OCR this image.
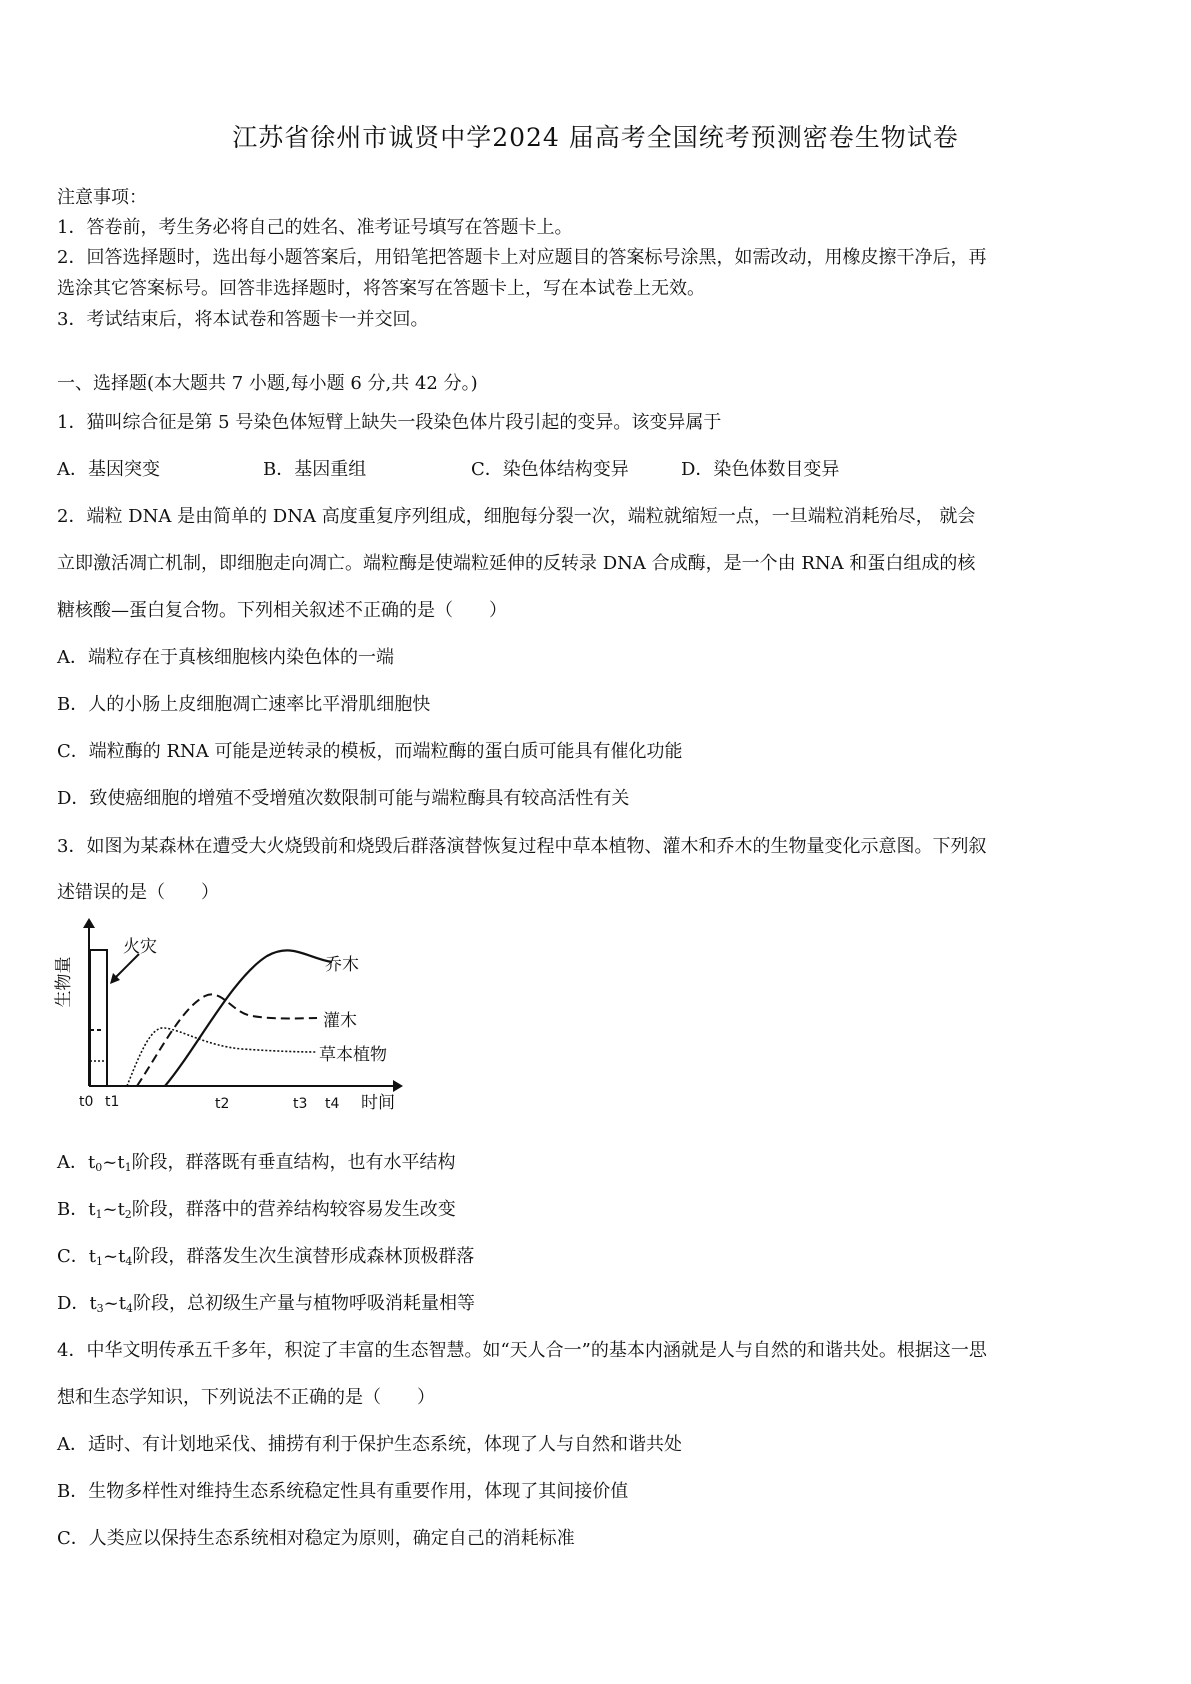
江苏省徐州市诚贤中学2024 届高考全国统考预测密卷生物试卷
注意事项：
1．答卷前，考生务必将自己的姓名、准考证号填写在答题卡上。
2．回答选择题时，选出每小题答案后，用铅笔把答题卡上对应题目的答案标号涂黑，如需改动，用橡皮擦干净后，再
选涂其它答案标号。回答非选择题时，将答案写在答题卡上，写在本试卷上无效。
3．考试结束后，将本试卷和答题卡一并交回。
一、选择题(本大题共 7 小题,每小题 6 分,共 42 分。)
1．猫叫综合征是第 5 号染色体短臂上缺失一段染色体片段引起的变异。该变异属于
A．基因突变	B．基因重组	C．染色体结构变异	D．染色体数目变异
2．端粒 DNA 是由简单的 DNA 高度重复序列组成，细胞每分裂一次，端粒就缩短一点，一旦端粒消耗殆尽， 就会
立即激活凋亡机制，即细胞走向凋亡。端粒酶是使端粒延伸的反转录 DNA 合成酶，是一个由 RNA 和蛋白组成的核
糖核酸—蛋白复合物。下列相关叙述不正确的是（　　）
A．端粒存在于真核细胞核内染色体的一端
B．人的小肠上皮细胞凋亡速率比平滑肌细胞快
C．端粒酶的 RNA 可能是逆转录的模板，而端粒酶的蛋白质可能具有催化功能
D．致使癌细胞的增殖不受增殖次数限制可能与端粒酶具有较高活性有关
3．如图为某森林在遭受大火烧毁前和烧毁后群落演替恢复过程中草本植物、灌木和乔木的生物量变化示意图。下列叙
述错误的是（　　）
生物量
火灾
乔木
灌木
草本植物
时间
t0 t1	t2	t3 t4
A．$t_0\sim t_1$阶段，群落既有垂直结构，也有水平结构
B．$t_1\sim t_2$阶段，群落中的营养结构较容易发生改变
C．$t_1\sim t_4$阶段，群落发生次生演替形成森林顶极群落
D．$t_3\sim t_4$阶段，总初级生产量与植物呼吸消耗量相等
4．中华文明传承五千多年，积淀了丰富的生态智慧。如“天人合一”的基本内涵就是人与自然的和谐共处。根据这一思
想和生态学知识，下列说法不正确的是（　　）
A．适时、有计划地采伐、捕捞有利于保护生态系统，体现了人与自然和谐共处
B．生物多样性对维持生态系统稳定性具有重要作用，体现了其间接价值
C．人类应以保持生态系统相对稳定为原则，确定自己的消耗标准
